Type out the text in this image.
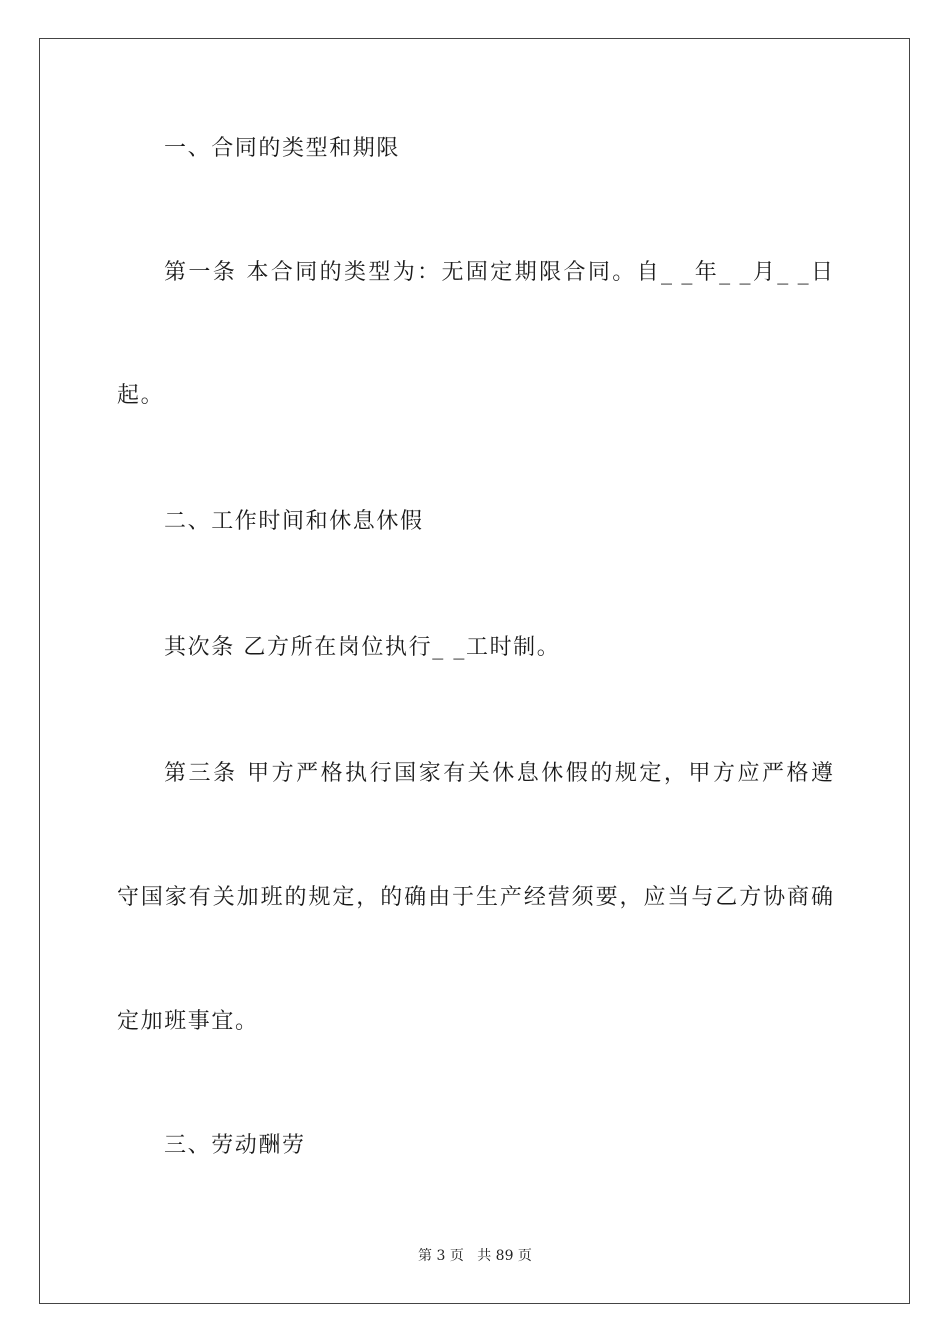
一、合同的类型和期限
第一条 本合同的类型为：无固定期限合同。自_ _年_ _月_ _日
起。
二、工作时间和休息休假
其次条 乙方所在岗位执行_ _工时制。
第三条 甲方严格执行国家有关休息休假的规定，甲方应严格遵
守国家有关加班的规定，的确由于生产经营须要，应当与乙方协商确
定加班事宜。
三、劳动酬劳
第 3 页 共 89 页
